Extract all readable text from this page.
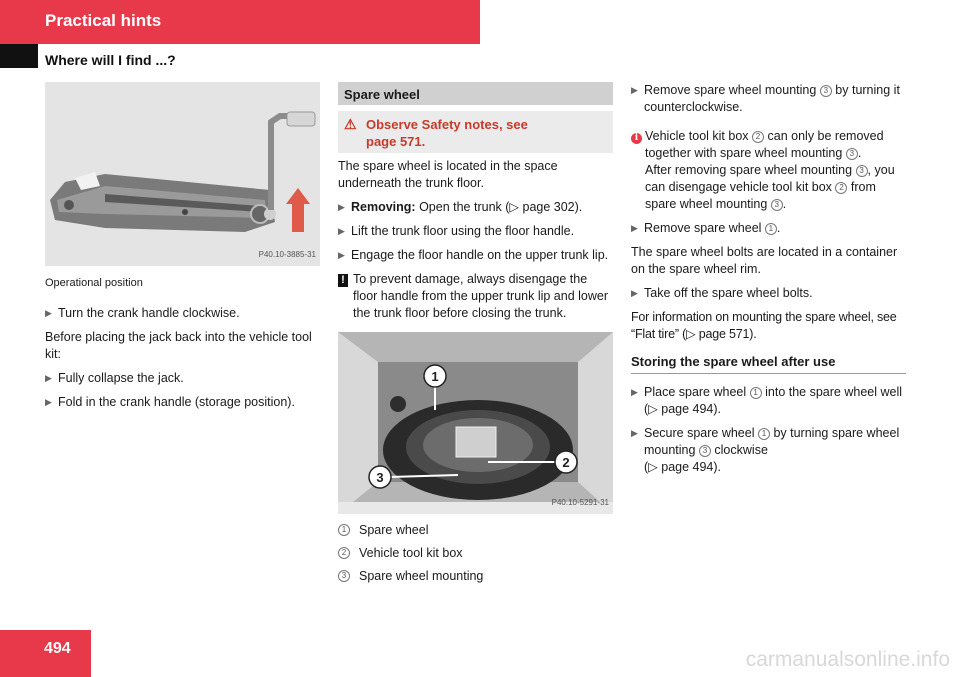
Practical hints
Where will I find ...?
P40.10-3885-31
Operational position
▶ Turn the crank handle clockwise.

Before placing the jack back into the vehicle tool kit:

▶ Fully collapse the jack.
▶ Fold in the crank handle (storage position).
Spare wheel
⚠ Observe Safety notes, see
page 571.

The spare wheel is located in the space underneath the trunk floor.

▶ Removing: Open the trunk (▷ page 302).
▶ Lift the trunk floor using the floor handle.
▶ Engage the floor handle on the upper trunk lip.
! To prevent damage, always disengage the floor handle from the upper trunk lip and lower the trunk floor before closing the trunk.
1
2
3
P40.10-5291-31
1	Spare wheel
2	Vehicle tool kit box
3	Spare wheel mounting
▶ Remove spare wheel mounting 3 by turning it counterclockwise.
i Vehicle tool kit box 2 can only be removed together with spare wheel mounting 3 .
After removing spare wheel mounting 3 , you can disengage vehicle tool kit box 2 from spare wheel mounting 3 .
▶ Remove spare wheel 1 .

The spare wheel bolts are located in a container on the spare wheel rim.

▶ Take off the spare wheel bolts.

For information on mounting the spare wheel, see “Flat tire” (▷ page 571).

Storing the spare wheel after use
▶ Place spare wheel 1 into the spare wheel well (▷ page 494).
▶ Secure spare wheel 1 by turning spare wheel mounting 3 clockwise
(▷ page 494).
494	carmanualsonline.info
